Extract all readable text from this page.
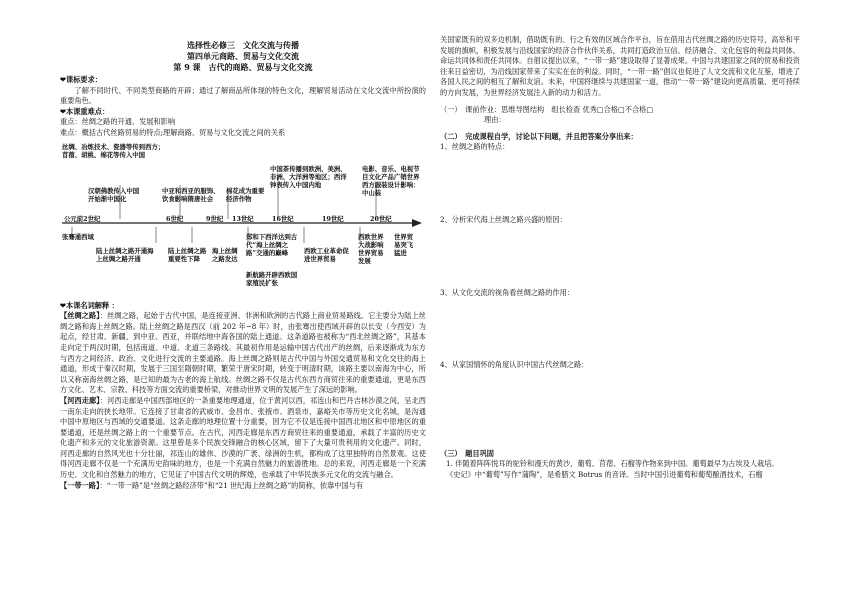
选择性必修三　文化交流与传播
第四单元商路、贸易与文化交流
第 9 课　古代的商路、贸易与文化交流
❤课标要求：
了解不同时代、不同类型商路的开辟；通过了解商品所体现的特色文化，理解贸易活动在文化交流中所扮演的重要角色。
❤本课重难点：
重点：丝绸之路的开通、发展和影响
难点：概括古代丝路贸易的特点;理解商路、贸易与文化交流之间的关系
丝绸、冶炼技术、瓷器等传到西方；
苜蓿、胡桃、棉花等传入中国
汉朝佛教传入中国开始渐中国化
中亚和西亚的服饰、饮食影响隋唐社会
棉花成为重要经济作物
中国茶传播到欧洲、美洲、非洲、大洋洲等地区；西洋钟表传入中国内地
电影、音乐、电视节目文化产品广销世界西方服装设计影响：中山装
公元前2世纪	6世纪	9世纪 13世纪	16世纪	19世纪	20世纪
张骞通西域
陆上丝绸之路开通海上丝绸之路开通
陆上丝绸之路重要性下降
海上丝绸之路发达
郑和下西洋达到古代“海上丝绸之路”交通的巅峰
新航路开辟西欧国家殖民扩张
西欧工业革命促进世界贸易
西欧世界大战影响世界贸易发展
世界贸易突飞猛进
❤本课名词解释 ：
【丝绸之路】：丝绸之路，起始于古代中国，是连接亚洲、非洲和欧洲的古代路上商业贸易路线。它主要分为陆上丝绸之路和海上丝绸之路。陆上丝绸之路是西汉（前 202 年~8 年）时，由张骞出使西域开辟的以长安（今西安）为起点，经甘肃、新疆，到中亚、西亚，并联结地中海各国的陆上通道。这条道路也被称为“西北丝绸之路”，其基本走向定于两汉时期，包括南道、中道、北道三条路线。其最初作用是运输中国古代出产的丝绸，后来逐渐成为东方与西方之间经济、政治、文化进行交流的主要道路。海上丝绸之路则是古代中国与外国交通贸易和文化交往的海上通道，形成于秦汉时期，发展于三国至隋朝时期，繁荣于唐宋时期，转变于明清时期，该路主要以南海为中心，所以又称南海丝绸之路，是已知的最为古老的海上航线。丝绸之路不仅是古代东西方商贸往来的重要通道，更是东西方文化、艺术、宗教、科技等方面交流的重要桥梁，对推动世界文明的发展产生了深远的影响。
【河西走廊】：河西走廊是中国西部地区的一条重要地理通道，位于黄河以西，祁连山和巴丹吉林沙漠之间，呈北西一南东走向的狭长地带。它连接了甘肃省的武威市、金昌市、张掖市、酒泉市、嘉峪关市等历史文化名城，是沟通中国中原地区与西域的交通要道。这条走廊的地理位置十分重要，因为它不仅是连接中国西北地区和中原地区的重要通道，还是丝绸之路上的一个重要节点。在古代，河西走廊是东西方商贸往来的重要通道，承载了丰富的历史文化遗产和多元的文化旅游资源。这里曾是多个民族交锋融合的核心区域，留下了大量可贵利用的文化遗产。同时，河西走廊的自然风光也十分壮丽，祁连山的雄伟、沙漠的广袤、绿洲的生机，都构成了这里独特的自然景观。这使得河西走廊不仅是一个充满历史韵味的地方，也是一个充满自然魅力的旅游胜地。总的来说，河西走廊是一个充满历史、文化和自然魅力的地方，它见证了中国古代文明的辉煌，也承载了中华民族多元文化的交流与融合。
【一带一路】：“一带一路”是“丝绸之路经济带”和“21 世纪海上丝绸之路”的简称，依靠中国与有
关国家既有的双多边机制，借助既有的、行之有效的区域合作平台，旨在借用古代丝绸之路的历史符号，高举和平发展的旗帜，积极发展与沿线国家的经济合作伙伴关系，共同打造政治互信、经济融合、文化包容的利益共同体、命运共同体和责任共同体。自倡议提出以来，“一带一路”建设取得了显著成果。中国与共建国家之间的贸易和投资往来日益密切，为沿线国家带来了实实在在的利益。同时，“一带一路”倡议也促进了人文交流和文化互鉴，增进了各国人民之间的相互了解和友谊。未来，中国将继续与共建国家一道，推动“一带一路”建设向更高质量、更可持续的方向发展，为世界经济发展注入新的动力和活力。
（一）　课前作业：思维导图结构　组长检查 优秀□合格□不合格□
理由：
（二）　完成课程自学，讨论以下问题，并且把答案分享出来：
1、丝绸之路的特点：
2、分析宋代海上丝绸之路兴盛的原因：
3、从文化交流的视角看丝绸之路的作用：
4、从家国情怀的角度认识中国古代丝绸之路：
（三）　题目巩固
1. 伴随着阵阵悦耳的驼铃和漫天的黄沙，葡萄、苜蓿、石榴等作物来到中国。葡萄最早为古埃及人栽培。
《史记》中“葡萄”写作“蒲陶”，是希腊文 Botrus 的音译。当时中国引进葡萄和葡萄酿酒技术，石榴
